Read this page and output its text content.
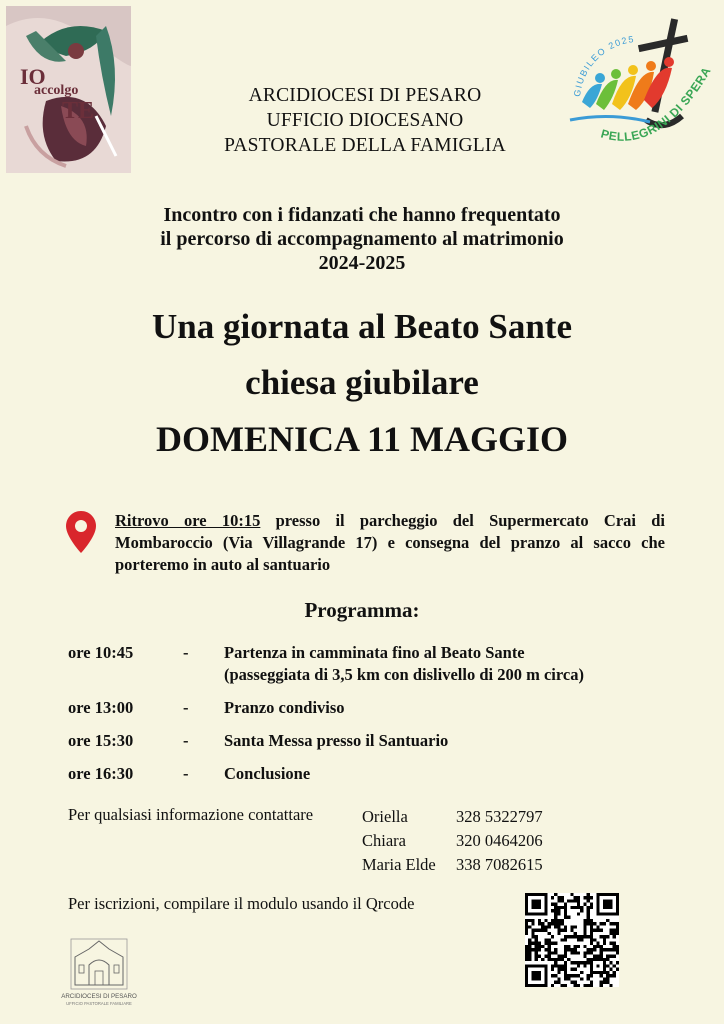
IO
accolgo
TE
GIUBILEO 2025
PELLEGRINI DI SPERA
ARCIDIOCESI DI PESARO
UFFICIO DIOCESANO
PASTORALE DELLA FAMIGLIA
Incontro con i fidanzati che hanno frequentato
il percorso di accompagnamento al matrimonio
2024-2025
Una giornata al Beato Sante
chiesa giubilare
DOMENICA 11 MAGGIO
Ritrovo ore 10:15 presso il parcheggio del Supermercato Crai di Mombaroccio (Via Villagrande 17) e consegna del pranzo al sacco che porteremo in auto al santuario
Programma:
ore 10:45	- Partenza in camminata fino al Beato Sante
(passeggiata di 3,5 km con dislivello di 200 m circa)
ore 13:00	- Pranzo condiviso
ore 15:30	- Santa Messa presso il Santuario
ore 16:30	- Conclusione
Per qualsiasi informazione contattare	Oriella	328 5322797
Chiara	320 0464206
Maria Elde 338 7082615
Per iscrizioni, compilare il modulo usando il Qrcode
ARCIDIOCESI DI PESARO
UFFICIO PASTORALE FAMILIARE
